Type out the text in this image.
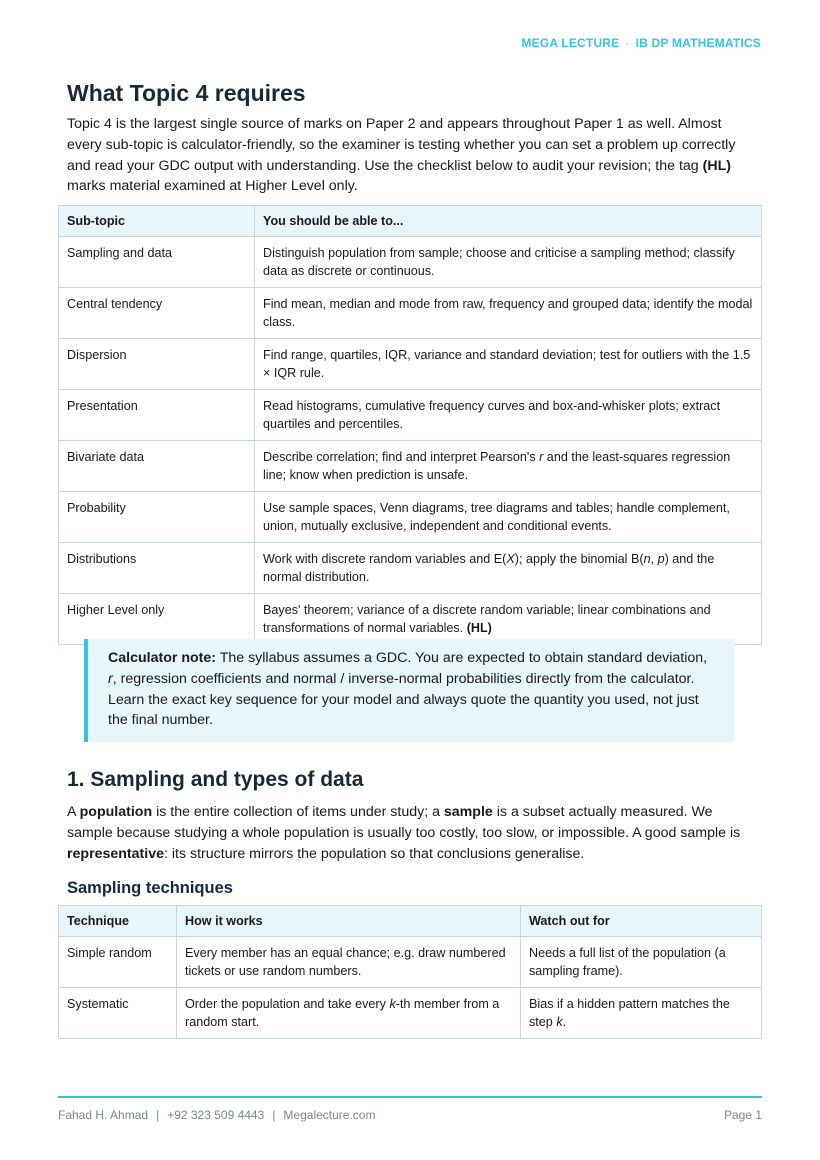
MEGA LECTURE · IB DP MATHEMATICS
What Topic 4 requires

Topic 4 is the largest single source of marks on Paper 2 and appears throughout Paper 1 as well. Almost every sub-topic is calculator-friendly, so the examiner is testing whether you can set a problem up correctly and read your GDC output with understanding. Use the checklist below to audit your revision; the tag (HL) marks material examined at Higher Level only.

Sub-topic	You should be able to...
Sampling and data	Distinguish population from sample; choose and criticise a sampling method; classify data as discrete or continuous.
Central tendency	Find mean, median and mode from raw, frequency and grouped data; identify the modal class.
Dispersion	Find range, quartiles, IQR, variance and standard deviation; test for outliers with the 1.5 × IQR rule.
Presentation	Read histograms, cumulative frequency curves and box-and-whisker plots; extract quartiles and percentiles.
Bivariate data	Describe correlation; find and interpret Pearson's r and the least-squares regression line; know when prediction is unsafe.
Probability	Use sample spaces, Venn diagrams, tree diagrams and tables; handle complement, union, mutually exclusive, independent and conditional events.
Distributions	Work with discrete random variables and E(X); apply the binomial B(n, p) and the normal distribution.
Higher Level only	Bayes' theorem; variance of a discrete random variable; linear combinations and transformations of normal variables. (HL)
Calculator note: The syllabus assumes a GDC. You are expected to obtain standard deviation, r, regression coefficients and normal / inverse-normal probabilities directly from the calculator. Learn the exact key sequence for your model and always quote the quantity you used, not just the final number.
1. Sampling and types of data

A population is the entire collection of items under study; a sample is a subset actually measured. We sample because studying a whole population is usually too costly, too slow, or impossible. A good sample is representative: its structure mirrors the population so that conclusions generalise.

Sampling techniques
Technique	How it works	Watch out for
Simple random	Every member has an equal chance; e.g. draw numbered tickets or use random numbers.	Needs a full list of the population (a sampling frame).
Systematic	Order the population and take every k-th member from a random start.	Bias if a hidden pattern matches the step k.
Fahad H. Ahmad | +92 323 509 4443 | Megalecture.com	Page 1
